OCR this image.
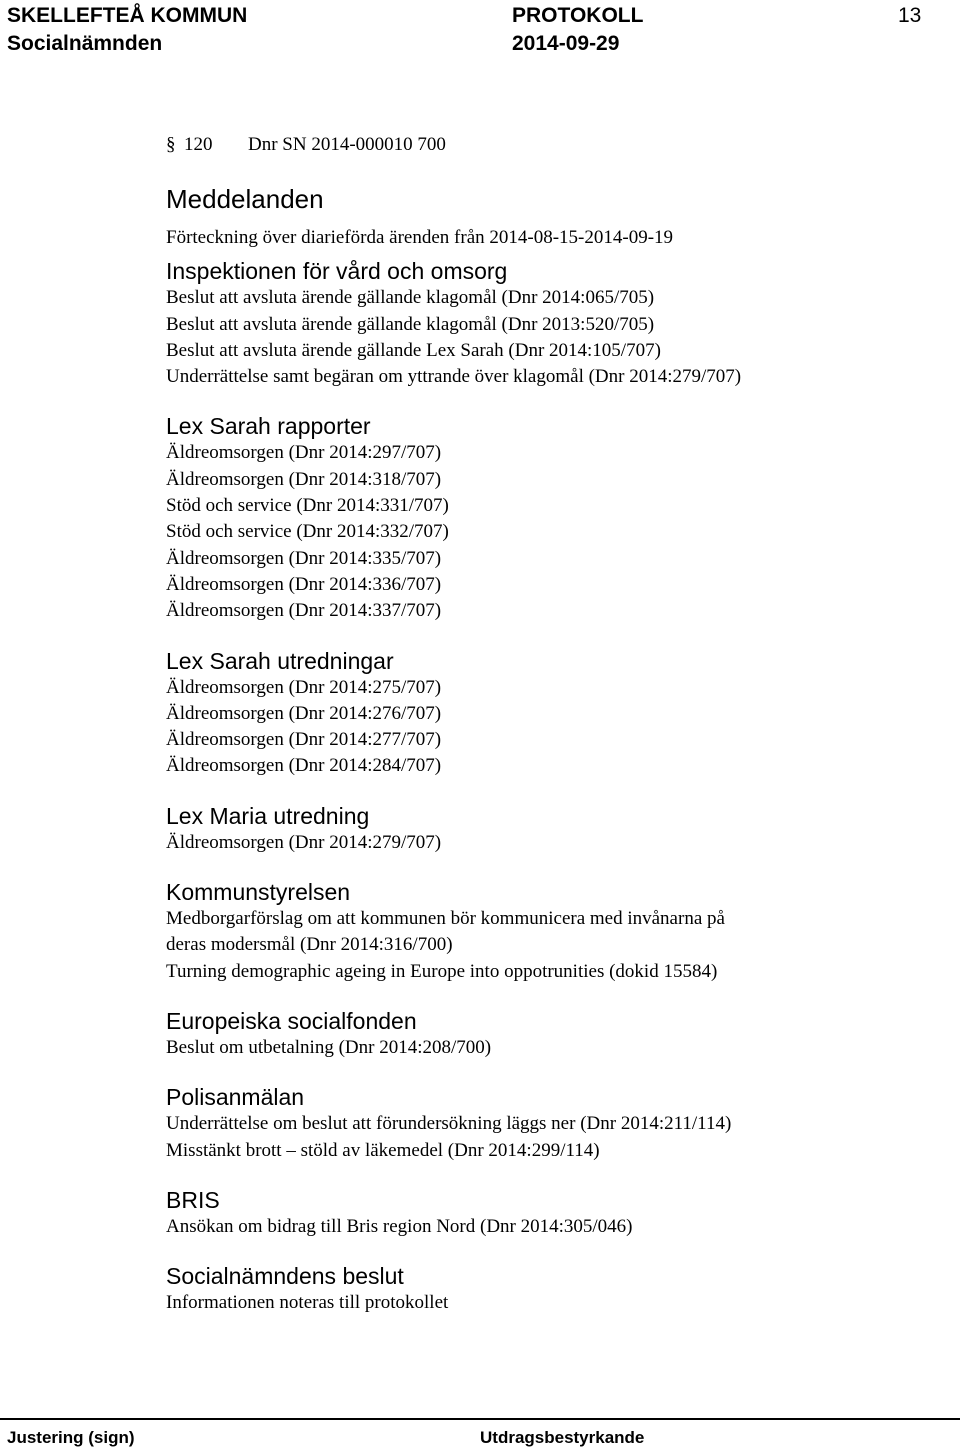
SKELLEFTEÅ KOMMUN
Socialnämnden
PROTOKOLL
2014-09-29
13
§ 120 Dnr SN 2014-000010 700
Meddelanden
Förteckning över diarieförda ärenden från 2014-08-15-2014-09-19
Inspektionen för vård och omsorg
Beslut att avsluta ärende gällande klagomål (Dnr 2014:065/705)
Beslut att avsluta ärende gällande klagomål (Dnr 2013:520/705)
Beslut att avsluta ärende gällande Lex Sarah (Dnr 2014:105/707)
Underrättelse samt begäran om yttrande över klagomål (Dnr 2014:279/707)
Lex Sarah rapporter
Äldreomsorgen (Dnr 2014:297/707)
Äldreomsorgen (Dnr 2014:318/707)
Stöd och service (Dnr 2014:331/707)
Stöd och service (Dnr 2014:332/707)
Äldreomsorgen (Dnr 2014:335/707)
Äldreomsorgen (Dnr 2014:336/707)
Äldreomsorgen (Dnr 2014:337/707)
Lex Sarah utredningar
Äldreomsorgen (Dnr 2014:275/707)
Äldreomsorgen (Dnr 2014:276/707)
Äldreomsorgen (Dnr 2014:277/707)
Äldreomsorgen (Dnr 2014:284/707)
Lex Maria utredning
Äldreomsorgen (Dnr 2014:279/707)
Kommunstyrelsen
Medborgarförslag om att kommunen bör kommunicera med invånarna på
deras modersmål (Dnr 2014:316/700)
Turning demographic ageing in Europe into oppotrunities (dokid 15584)
Europeiska socialfonden
Beslut om utbetalning (Dnr 2014:208/700)
Polisanmälan
Underrättelse om beslut att förundersökning läggs ner (Dnr 2014:211/114)
Misstänkt brott – stöld av läkemedel (Dnr 2014:299/114)
BRIS
Ansökan om bidrag till Bris region Nord (Dnr 2014:305/046)
Socialnämndens beslut
Informationen noteras till protokollet
Justering (sign)	Utdragsbestyrkande
